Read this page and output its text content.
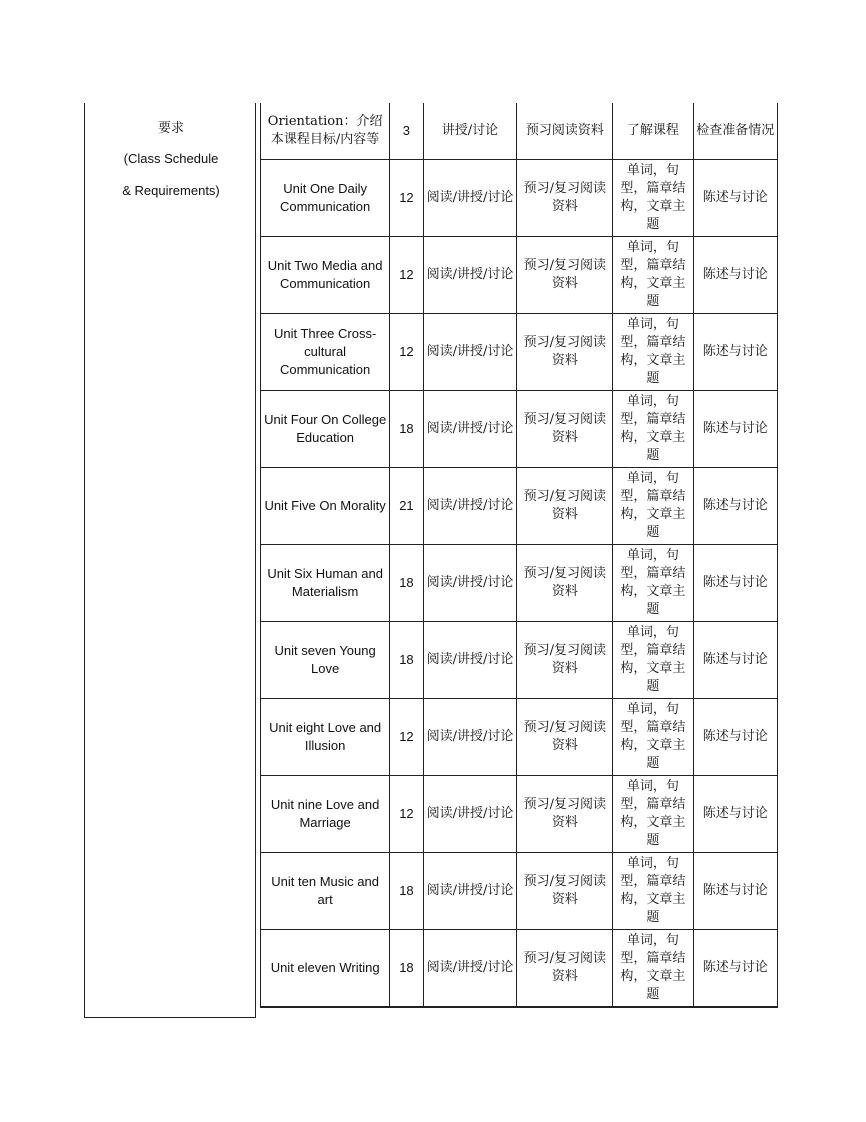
要求
(Class Schedule
& Requirements)
Orientation：介绍本课程目标/内容等	3	讲授/讨论	预习阅读资料	了解课程	检查准备情况
Unit One Daily Communication	12	阅读/讲授/讨论	预习/复习阅读资料	单词，句型，篇章结构，文章主题	陈述与讨论
Unit Two Media and Communication	12	阅读/讲授/讨论	预习/复习阅读资料	单词，句型，篇章结构，文章主题	陈述与讨论
Unit Three Cross-cultural Communication	12	阅读/讲授/讨论	预习/复习阅读资料	单词，句型，篇章结构，文章主题	陈述与讨论
Unit Four On College Education	18	阅读/讲授/讨论	预习/复习阅读资料	单词，句型，篇章结构，文章主题	陈述与讨论
Unit Five On Morality	21	阅读/讲授/讨论	预习/复习阅读资料	单词，句型，篇章结构，文章主题	陈述与讨论
Unit Six Human and Materialism	18	阅读/讲授/讨论	预习/复习阅读资料	单词，句型，篇章结构，文章主题	陈述与讨论
Unit seven Young Love	18	阅读/讲授/讨论	预习/复习阅读资料	单词，句型，篇章结构，文章主题	陈述与讨论
Unit eight Love and Illusion	12	阅读/讲授/讨论	预习/复习阅读资料	单词，句型，篇章结构，文章主题	陈述与讨论
Unit nine Love and Marriage	12	阅读/讲授/讨论	预习/复习阅读资料	单词，句型，篇章结构，文章主题	陈述与讨论
Unit ten Music and art	18	阅读/讲授/讨论	预习/复习阅读资料	单词，句型，篇章结构，文章主题	陈述与讨论
Unit eleven Writing	18	阅读/讲授/讨论	预习/复习阅读资料	单词，句型，篇章结构，文章主题	陈述与讨论
